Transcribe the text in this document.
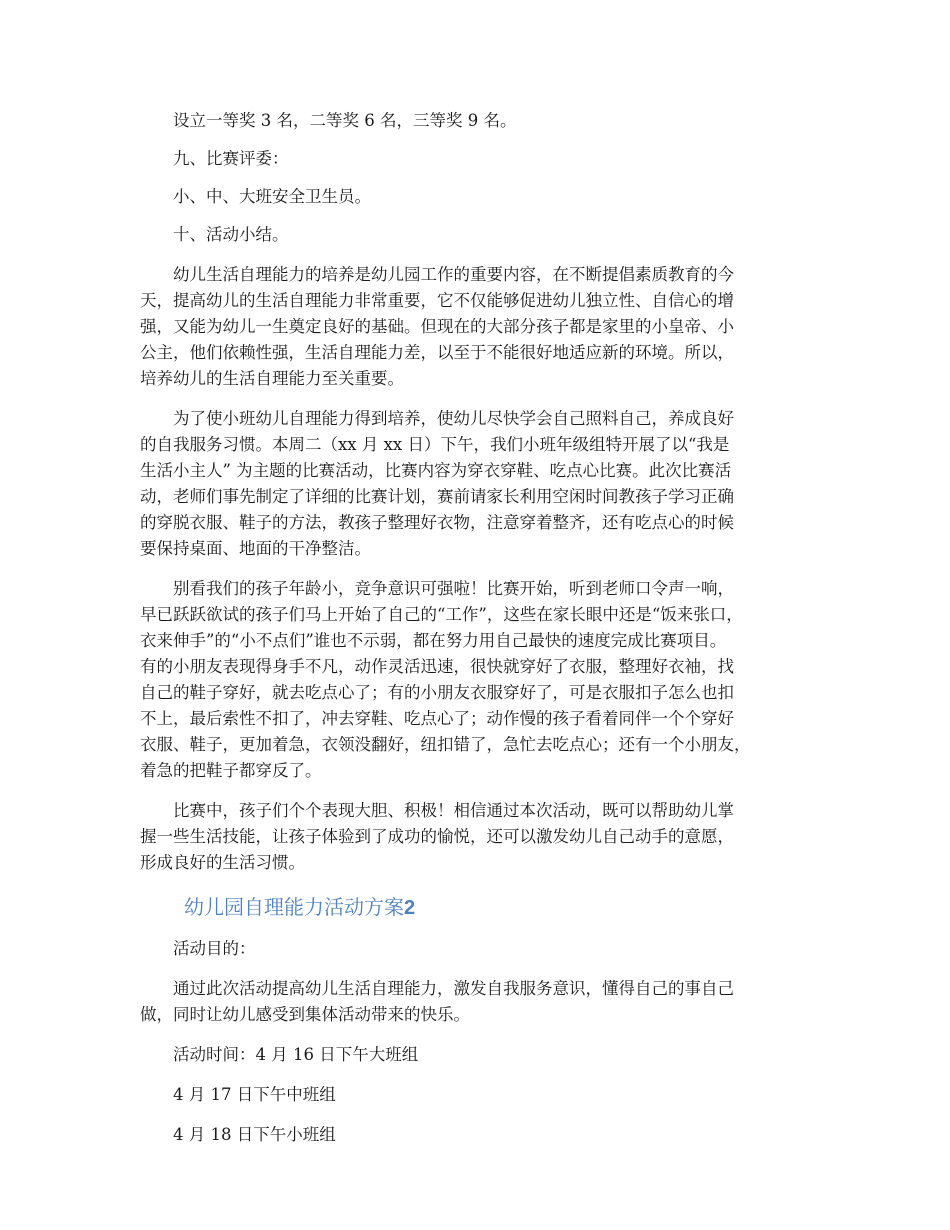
设立一等奖 3 名，二等奖 6 名，三等奖 9 名。

九、比赛评委：

小、中、大班安全卫生员。

十、活动小结。

幼儿生活自理能力的培养是幼儿园工作的重要内容，在不断提倡素质教育的今
天，提高幼儿的生活自理能力非常重要，它不仅能够促进幼儿独立性、自信心的增
强，又能为幼儿一生奠定良好的基础。但现在的大部分孩子都是家里的小皇帝、小
公主，他们依赖性强，生活自理能力差，以至于不能很好地适应新的环境。所以，
培养幼儿的生活自理能力至关重要。

为了使小班幼儿自理能力得到培养，使幼儿尽快学会自己照料自己，养成良好
的自我服务习惯。本周二（xx 月 xx 日）下午，我们小班年级组特开展了以“我是
生活小主人” 为主题的比赛活动，比赛内容为穿衣穿鞋、吃点心比赛。此次比赛活
动，老师们事先制定了详细的比赛计划，赛前请家长利用空闲时间教孩子学习正确
的穿脱衣服、鞋子的方法，教孩子整理好衣物，注意穿着整齐，还有吃点心的时候
要保持桌面、地面的干净整洁。

别看我们的孩子年龄小，竞争意识可强啦！比赛开始，听到老师口令声一响，
早已跃跃欲试的孩子们马上开始了自己的“工作”，这些在家长眼中还是“饭来张口，
衣来伸手”的“小不点们”谁也不示弱，都在努力用自己最快的速度完成比赛项目。
有的小朋友表现得身手不凡，动作灵活迅速，很快就穿好了衣服，整理好衣袖，找
自己的鞋子穿好，就去吃点心了；有的小朋友衣服穿好了，可是衣服扣子怎么也扣
不上，最后索性不扣了，冲去穿鞋、吃点心了；动作慢的孩子看着同伴一个个穿好
衣服、鞋子，更加着急，衣领没翻好，纽扣错了，急忙去吃点心；还有一个小朋友，
着急的把鞋子都穿反了。

比赛中，孩子们个个表现大胆、积极！相信通过本次活动，既可以帮助幼儿掌
握一些生活技能，让孩子体验到了成功的愉悦，还可以激发幼儿自己动手的意愿，
形成良好的生活习惯。

幼儿园自理能力活动方案2

活动目的：

通过此次活动提高幼儿生活自理能力，激发自我服务意识，懂得自己的事自己
做，同时让幼儿感受到集体活动带来的快乐。

活动时间：4 月 16 日下午大班组

4 月 17 日下午中班组

4 月 18 日下午小班组
